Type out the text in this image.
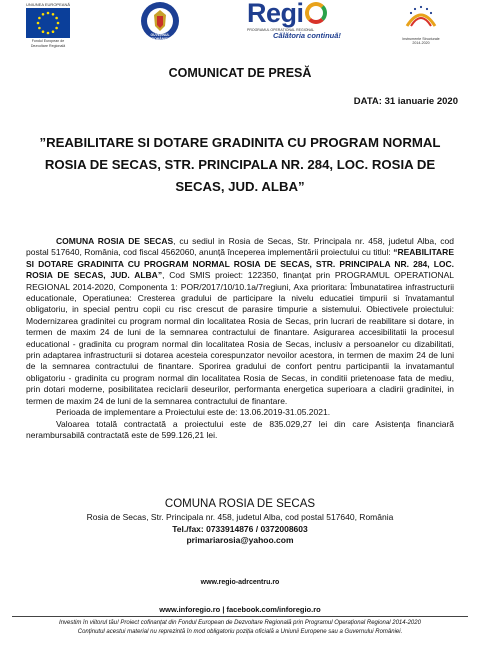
UNIUNEA EUROPEANĂ
Fondul European de
Dezvoltare Regională
GUVERNUL ROMÂNIEI
Regi
PROGRAMUL OPERAȚIONAL REGIONAL
Călătoria continuă!	Instrumente Structurale
2014-2020
COMUNICAT DE PRESĂ
DATA: 31 ianuarie 2020
”REABILITARE SI DOTARE GRADINITA CU PROGRAM NORMAL ROSIA DE SECAS, STR. PRINCIPALA NR. 284, LOC. ROSIA DE SECAS, JUD. ALBA”

COMUNA ROSIA DE SECAS, cu sediul in Rosia de Secas, Str. Principala nr. 458, judetul Alba, cod postal 517640, România, cod fiscal 4562060, anunță începerea implementării proiectului cu titlul: “REABILITARE SI DOTARE GRADINITA CU PROGRAM NORMAL ROSIA DE SECAS, STR. PRINCIPALA NR. 284, LOC. ROSIA DE SECAS, JUD. ALBA”, Cod SMIS proiect: 122350, finanțat prin PROGRAMUL OPERATIONAL REGIONAL 2014-2020, Componenta 1: POR/2017/10/10.1a/7regiuni, Axa prioritara: Îmbunatatirea infrastructurii educationale, Operatiunea: Cresterea gradului de participare la nivelu educatiei timpurii si învatamantul obligatoriu, in special pentru copii cu risc crescut de parasire timpurie a sistemului. Obiectivele proiectului: Modernizarea gradinitei cu program normal din localitatea Rosia de Secas, prin lucrari de reabilitare si dotare, in termen de maxim 24 de luni de la semnarea contractului de finantare. Asigurarea accesibilitatii la procesul educational - gradinita cu program normal din localitatea Rosia de Secas, inclusiv a persoanelor cu dizabilitati, prin adaptarea infrastructurii si dotarea acesteia corespunzator nevoilor acestora, in termen de maxim 24 de luni de la semnarea contractului de finantare. Sporirea gradului de confort pentru participantii la invatamantul obligatoriu - gradinita cu program normal din localitatea Rosia de Secas, in conditii prietenoase fata de mediu, prin dotari moderne, posibilitatea reciclarii deseurilor, performanta energetica superioara a cladirii gradinitei, in termen de maxim 24 de luni de la semnarea contractului de finantare.

Perioada de implementare a Proiectului este de: 13.06.2019-31.05.2021.

Valoarea totală contractată a proiectului este de 835.029,27 lei din care Asistența financiară nerambursabilă contractată este de 599.126,21 lei.

COMUNA ROSIA DE SECAS
Rosia de Secas, Str. Principala nr. 458, judetul Alba, cod postal 517640, România
Tel./fax: 0733914876 / 0372008603
primariarosia@yahoo.com
www.regio-adrcentru.ro
www.inforegio.ro | facebook.com/inforegio.ro
Investim în viitorul tău! Proiect cofinanțat din Fondul European de Dezvoltare Regională prin Programul Operațional Regional 2014-2020
Conținutul acestui material nu reprezintă în mod obligatoriu poziția oficială a Uniunii Europene sau a Guvernului României.
